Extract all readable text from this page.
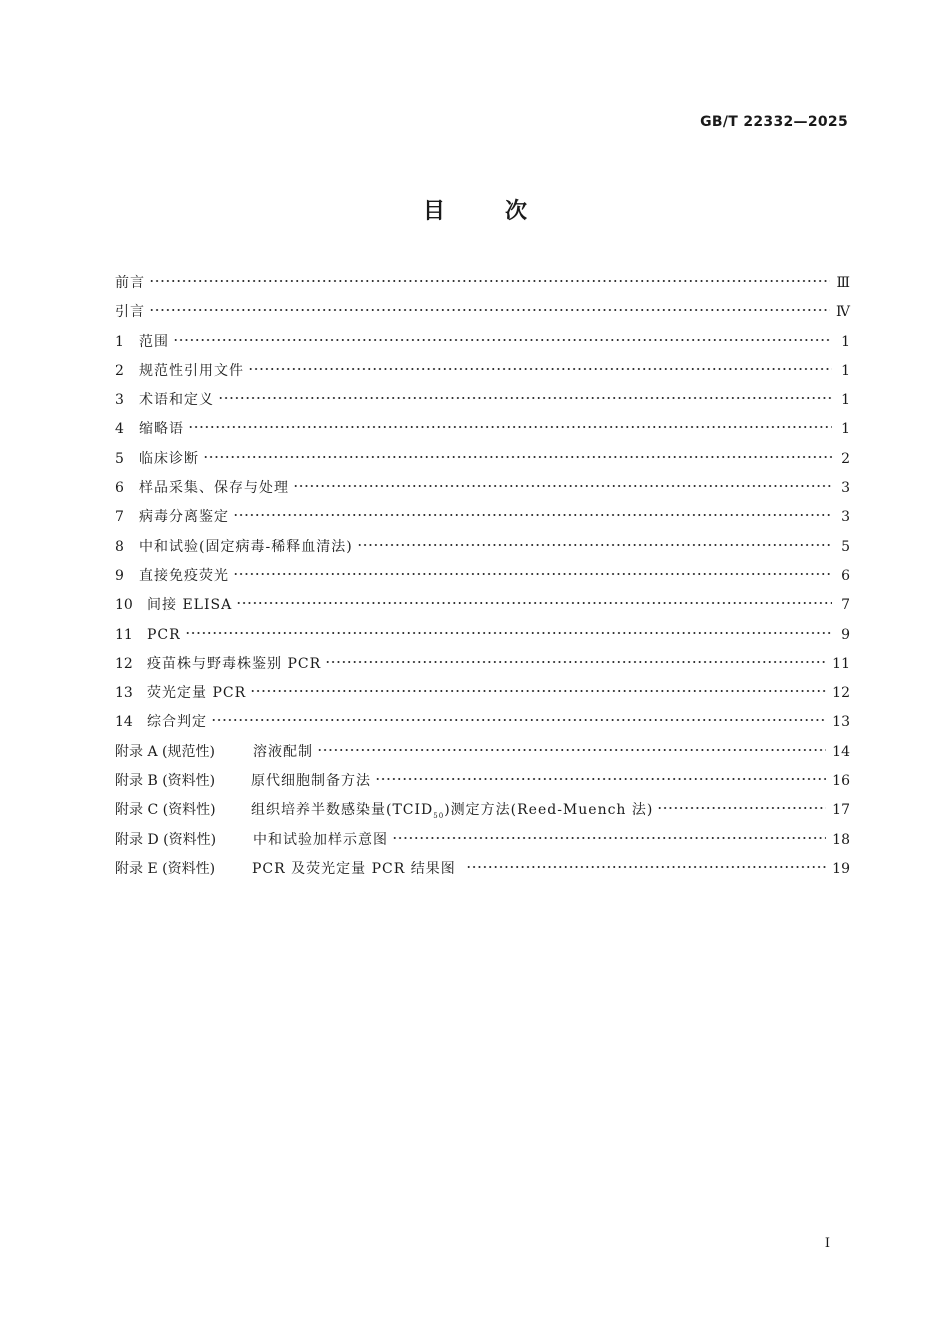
GB/T 22332—2025
目	次
前言	Ⅲ
引言	Ⅳ
1	范围	1
2	规范性引用文件	1
3	术语和定义	1
4	缩略语	1
5	临床诊断	2
6	样品采集、保存与处理	3
7	病毒分离鉴定	3
8	中和试验(固定病毒-稀释血清法)	5
9	直接免疫荧光	6
10	间接 ELISA	7
11	PCR	9
12	疫苗株与野毒株鉴别 PCR	11
13	荧光定量 PCR	12
14	综合判定	13
附录 A (规范性)	溶液配制	14
附录 B (资料性)	原代细胞制备方法	16
附录 C (资料性)	组织培养半数感染量$(TCID_{50})$测定方法(Reed-Muench 法)	17
附录 D (资料性)	中和试验加样示意图	18
附录 E (资料性)	PCR 及荧光定量 PCR 结果图	19
I
